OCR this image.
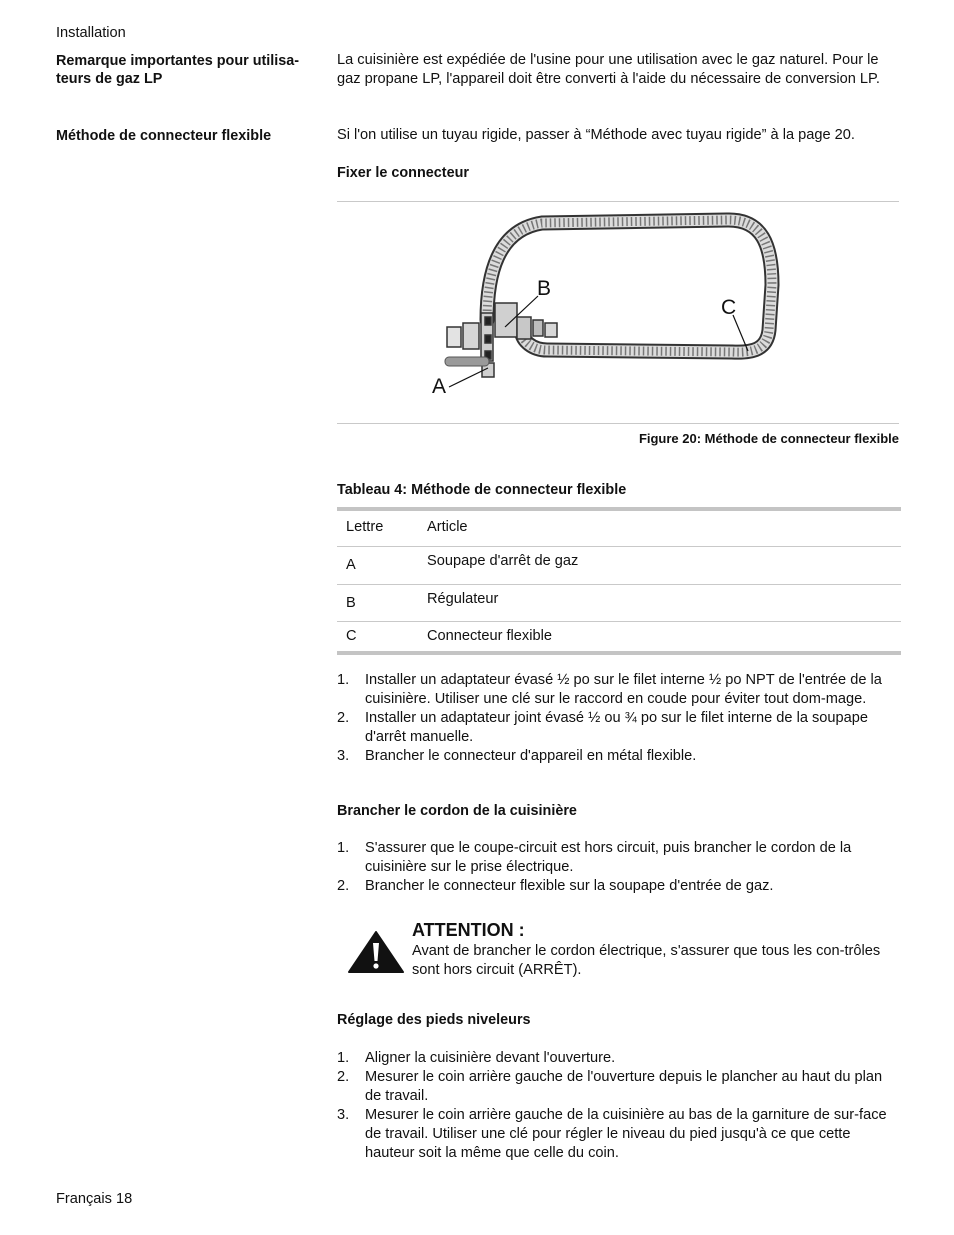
Installation
Remarque importantes pour utilisa-
teurs de gaz LP
La cuisinière est expédiée de l'usine pour une utilisation avec le gaz naturel. Pour le gaz propane LP, l'appareil doit être converti à l'aide du nécessaire de conversion LP.
Méthode de connecteur flexible	Si l'on utilise un tuyau rigide, passer à “Méthode avec tuyau rigide” à la page 20.
Fixer le connecteur
A
B
C
Figure 20: Méthode de connecteur flexible
Tableau 4: Méthode de connecteur flexible
Lettre	Article
A	Soupape d'arrêt de gaz
B	Régulateur
C	Connecteur flexible
1. Installer un adaptateur évasé ½ po sur le filet interne ½ po NPT de l'entrée de la cuisinière. Utiliser une clé sur le raccord en coude pour éviter tout dom-mage.
2. Installer un adaptateur joint évasé ½ ou ¾ po sur le filet interne de la soupape d'arrêt manuelle.
3. Brancher le connecteur d'appareil en métal flexible.
Brancher le cordon de la cuisinière
1. S'assurer que le coupe-circuit est hors circuit, puis brancher le cordon de la cuisinière sur le prise électrique.
2. Brancher le connecteur flexible sur la soupape d'entrée de gaz.
ATTENTION :
Avant de brancher le cordon électrique, s'assurer que tous les con-trôles sont hors circuit (ARRÊT).
Réglage des pieds niveleurs
1. Aligner la cuisinière devant l'ouverture.
2. Mesurer le coin arrière gauche de l'ouverture depuis le plancher au haut du plan de travail.
3. Mesurer le coin arrière gauche de la cuisinière au bas de la garniture de sur-face de travail. Utiliser une clé pour régler le niveau du pied jusqu'à ce que cette hauteur soit la même que celle du coin.
Français 18
